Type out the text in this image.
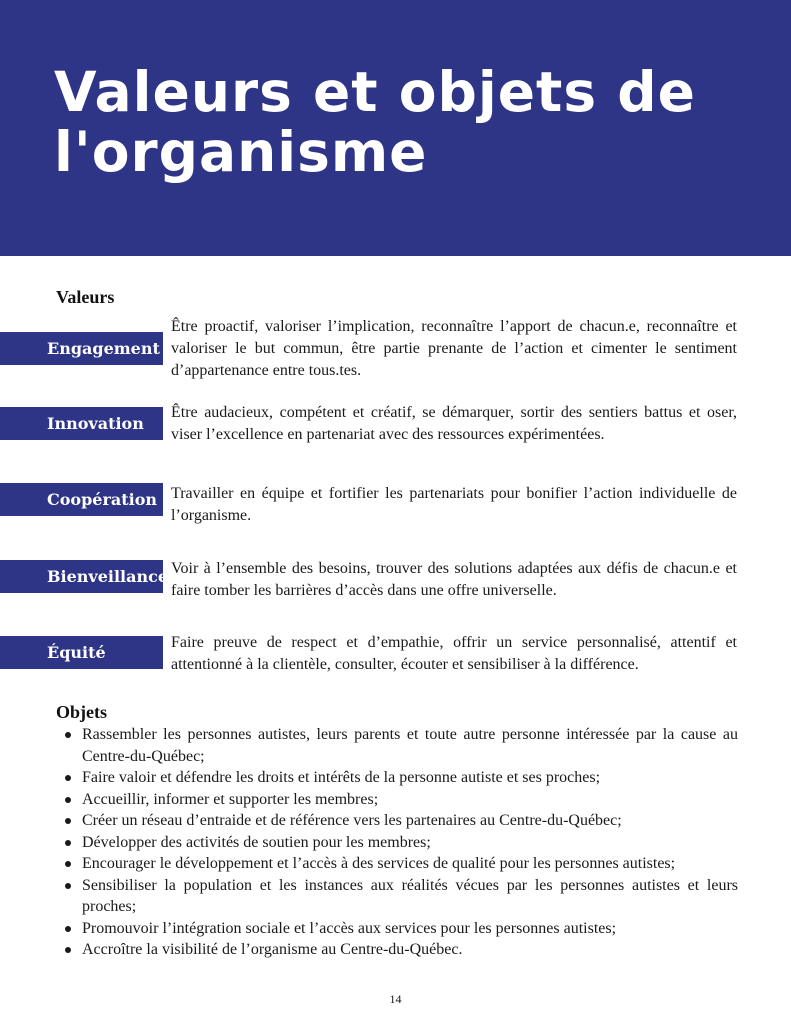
Valeurs et objets de l'organisme
Valeurs
Engagement

Être proactif, valoriser l’implication, reconnaître l’apport de chacun.e, reconnaître et valoriser le but commun, être partie prenante de l’action et cimenter le sentiment d’appartenance entre tous.tes.

Innovation

Être audacieux, compétent et créatif, se démarquer, sortir des sentiers battus et oser, viser l’excellence en partenariat avec des ressources expérimentées.

Coopération Travailler en équipe et fortifier les partenariats pour bonifier l’action individuelle de l’organisme.

Bienveillance Voir à l’ensemble des besoins, trouver des solutions adaptées aux défis de chacun.e et faire tomber les barrières d’accès dans une offre universelle.

Équité

Faire preuve de respect et d’empathie, offrir un service personnalisé, attentif et attentionné à la clientèle, consulter, écouter et sensibiliser à la différence.

Objets
Rassembler les personnes autistes, leurs parents et toute autre personne intéressée par la cause au Centre-du-Québec;
Faire valoir et défendre les droits et intérêts de la personne autiste et ses proches;
Accueillir, informer et supporter les membres;
Créer un réseau d’entraide et de référence vers les partenaires au Centre-du-Québec;
Développer des activités de soutien pour les membres;
Encourager le développement et l’accès à des services de qualité pour les personnes autistes;
Sensibiliser la population et les instances aux réalités vécues par les personnes autistes et leurs proches;
Promouvoir l’intégration sociale et l’accès aux services pour les personnes autistes;
Accroître la visibilité de l’organisme au Centre-du-Québec.
14
